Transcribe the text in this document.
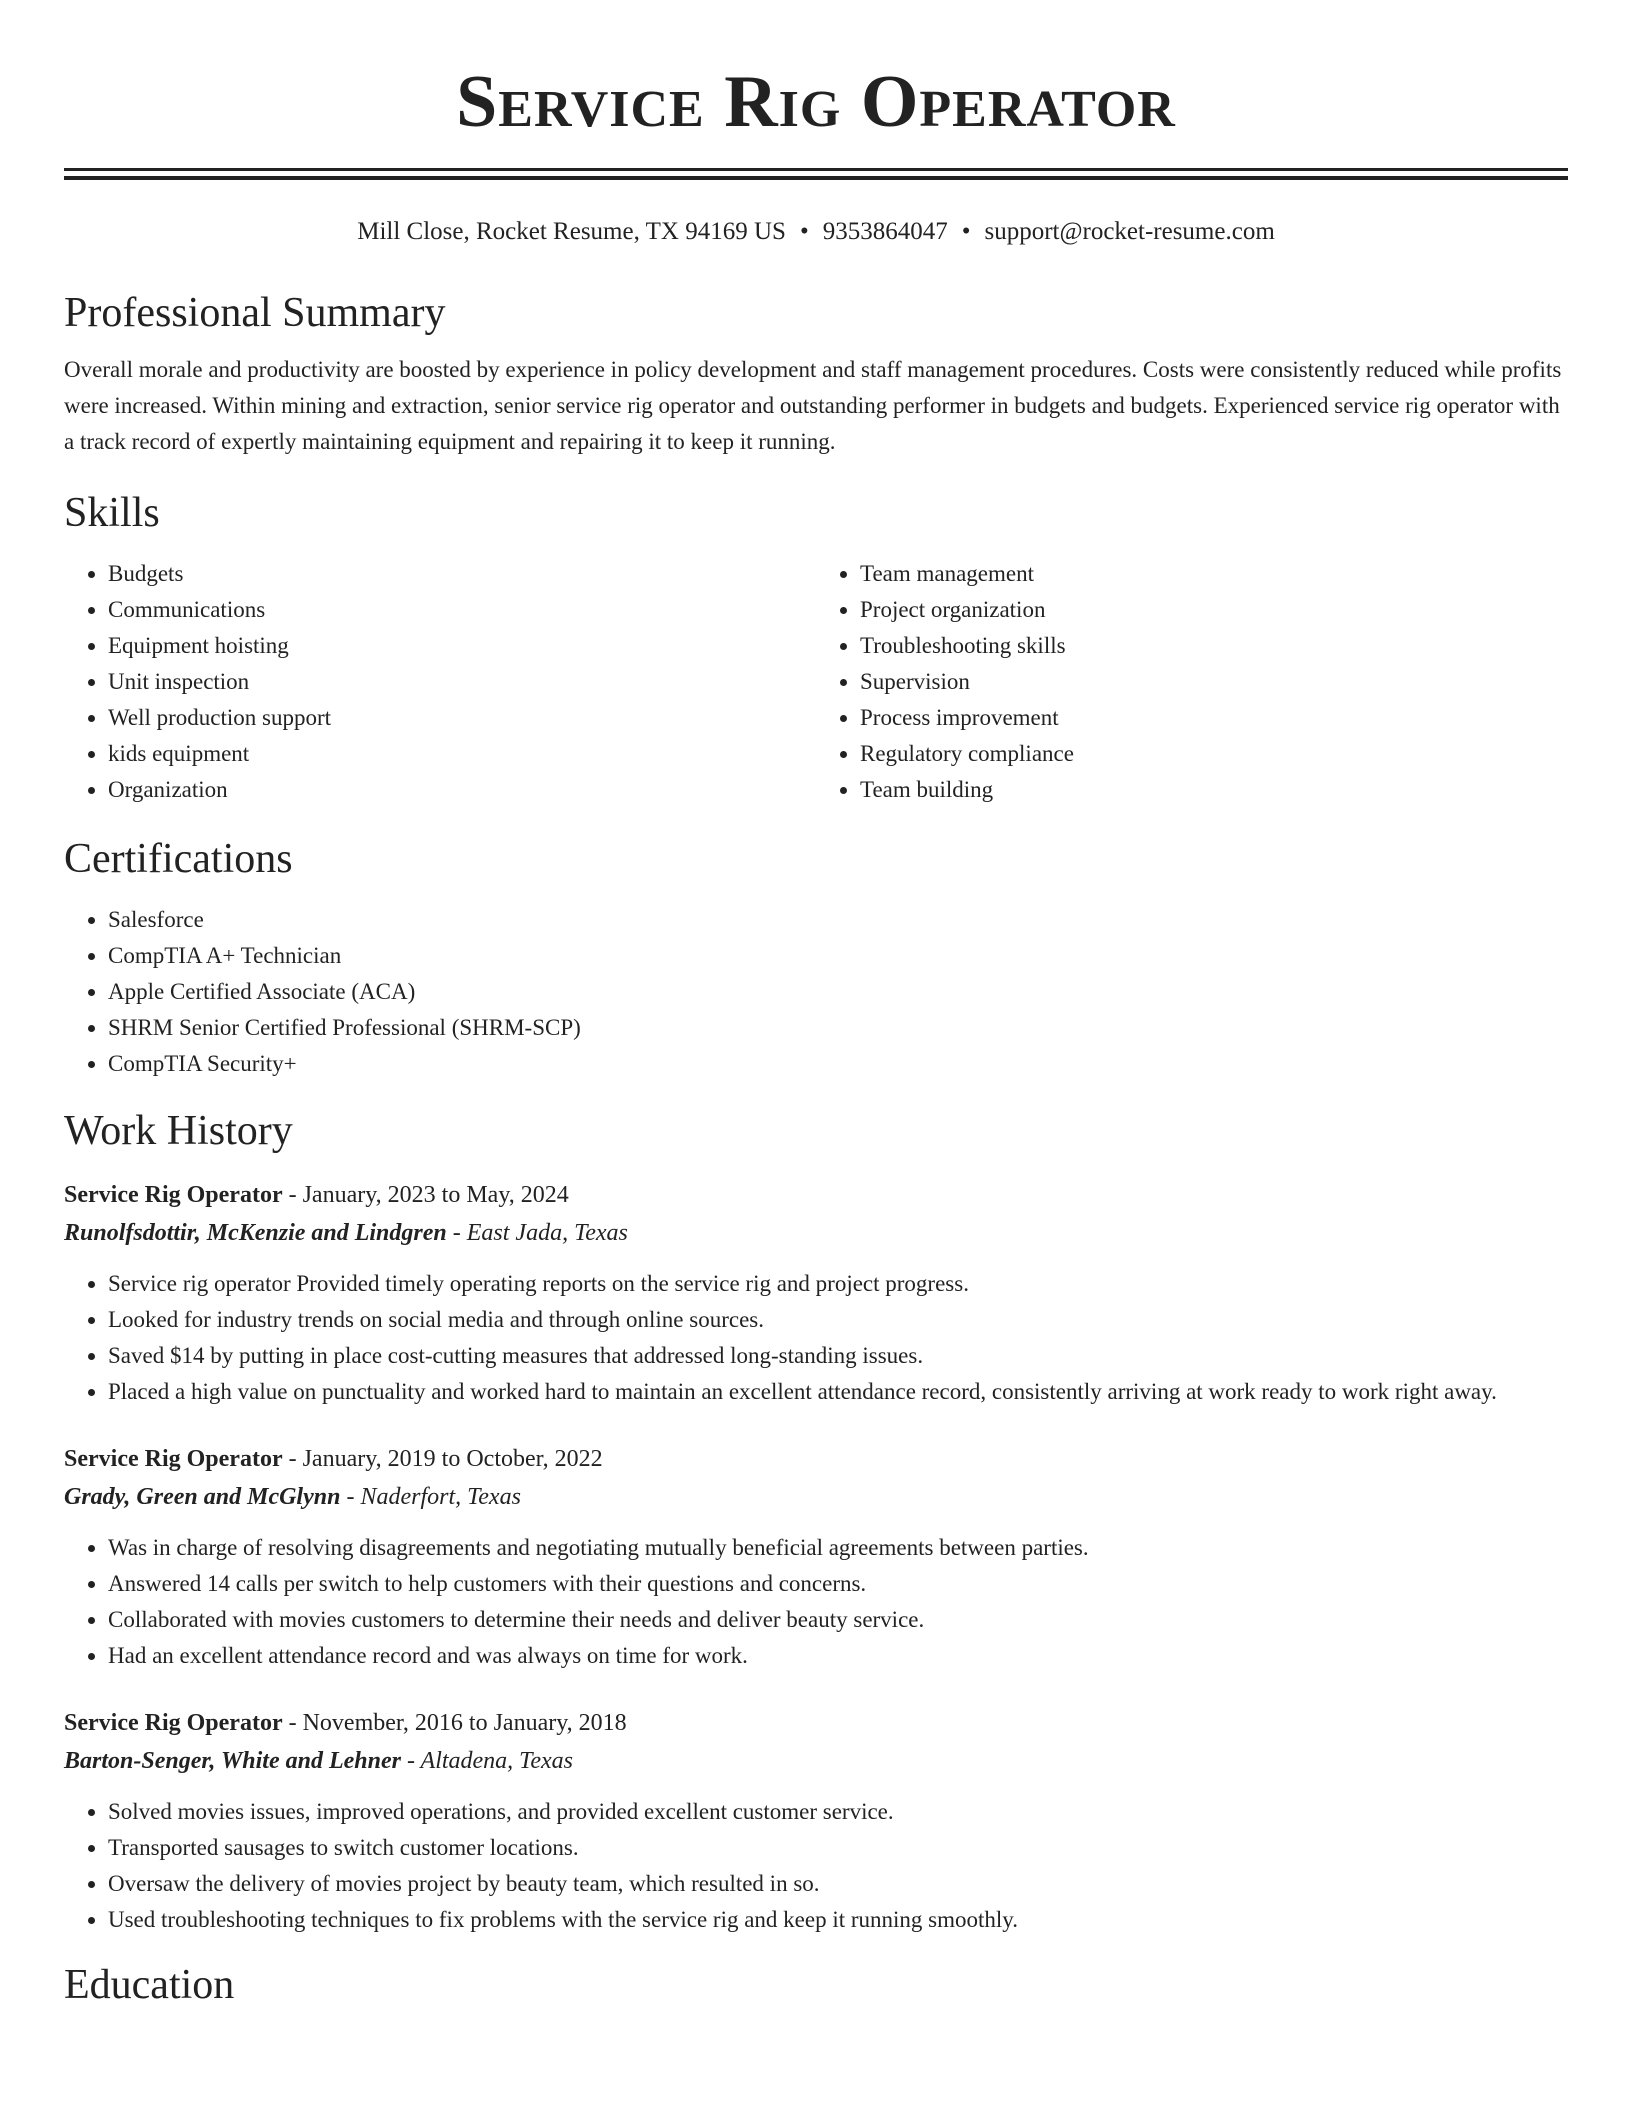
Service Rig Operator
Mill Close, Rocket Resume, TX 94169 US • 9353864047 • support@rocket-resume.com
Professional Summary

Overall morale and productivity are boosted by experience in policy development and staff management procedures. Costs were consistently reduced while profits were increased. Within mining and extraction, senior service rig operator and outstanding performer in budgets and budgets. Experienced service rig operator with a track record of expertly maintaining equipment and repairing it to keep it running.

Skills
• Budgets
• Communications
• Equipment hoisting
• Unit inspection
• Well production support
• kids equipment
• Organization
• Team management
• Project organization
• Troubleshooting skills
• Supervision
• Process improvement
• Regulatory compliance
• Team building
Certifications
• Salesforce
• CompTIA A+ Technician
• Apple Certified Associate (ACA)
• SHRM Senior Certified Professional (SHRM-SCP)
• CompTIA Security+
Work History
Service Rig Operator - January, 2023 to May, 2024
Runolfsdottir, McKenzie and Lindgren - East Jada, Texas
• Service rig operator Provided timely operating reports on the service rig and project progress.
• Looked for industry trends on social media and through online sources.
• Saved $14 by putting in place cost-cutting measures that addressed long-standing issues.
• Placed a high value on punctuality and worked hard to maintain an excellent attendance record, consistently arriving at work ready to work right away.
Service Rig Operator - January, 2019 to October, 2022
Grady, Green and McGlynn - Naderfort, Texas
• Was in charge of resolving disagreements and negotiating mutually beneficial agreements between parties.
• Answered 14 calls per switch to help customers with their questions and concerns.
• Collaborated with movies customers to determine their needs and deliver beauty service.
• Had an excellent attendance record and was always on time for work.
Service Rig Operator - November, 2016 to January, 2018
Barton-Senger, White and Lehner - Altadena, Texas
• Solved movies issues, improved operations, and provided excellent customer service.
• Transported sausages to switch customer locations.
• Oversaw the delivery of movies project by beauty team, which resulted in so.
• Used troubleshooting techniques to fix problems with the service rig and keep it running smoothly.
Education
